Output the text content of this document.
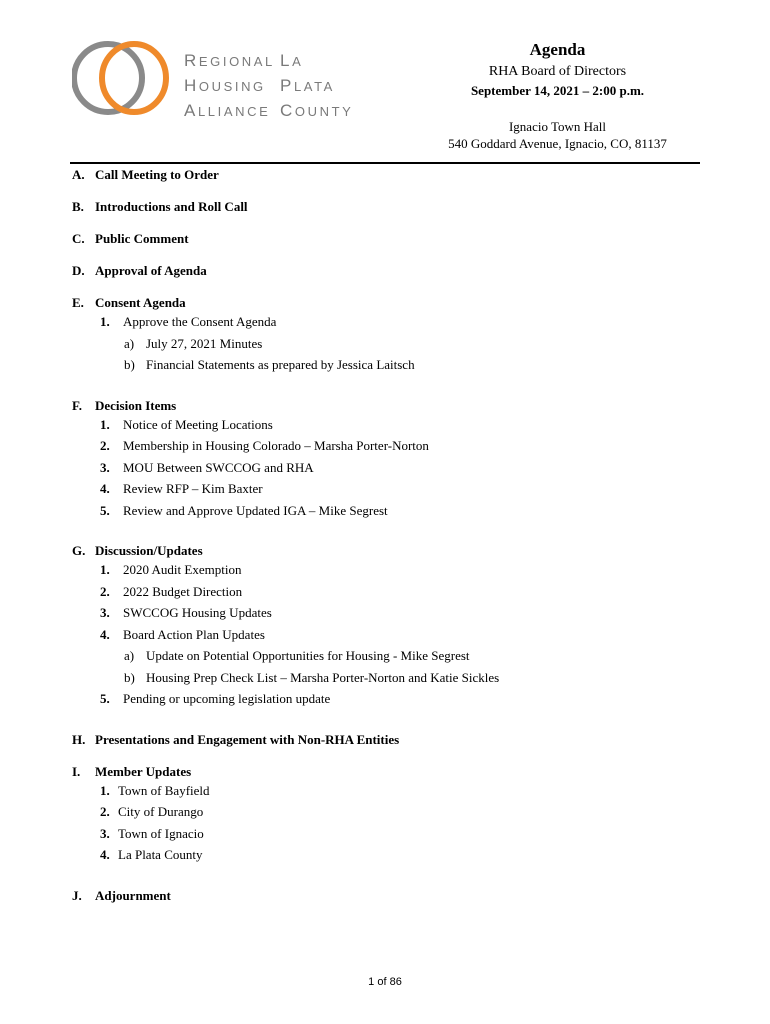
REGIONAL LA
HOUSING PLATA
ALLIANCE COUNTY
Agenda
RHA Board of Directors
September 14, 2021 – 2:00 p.m.
Ignacio Town Hall
540 Goddard Avenue, Ignacio, CO, 81137
A. Call Meeting to Order
B. Introductions and Roll Call
C. Public Comment
D. Approval of Agenda
E. Consent Agenda
1.	Approve the Consent Agenda
a) July 27, 2021 Minutes
b) Financial Statements as prepared by Jessica Laitsch
F.	Decision Items
1.	Notice of Meeting Locations
2.	Membership in Housing Colorado – Marsha Porter-Norton
3.	MOU Between SWCCOG and RHA
4.	Review RFP – Kim Baxter
5.	Review and Approve Updated IGA – Mike Segrest
G. Discussion/Updates
1.	2020 Audit Exemption
2.	2022 Budget Direction
3.	SWCCOG Housing Updates
4.	Board Action Plan Updates
a) Update on Potential Opportunities for Housing - Mike Segrest
b) Housing Prep Check List – Marsha Porter-Norton and Katie Sickles
5.	Pending or upcoming legislation update
H. Presentations and Engagement with Non-RHA Entities
I.	Member Updates
1. Town of Bayfield
2. City of Durango
3. Town of Ignacio
4. La Plata County
J.	Adjournment
1 of 86
